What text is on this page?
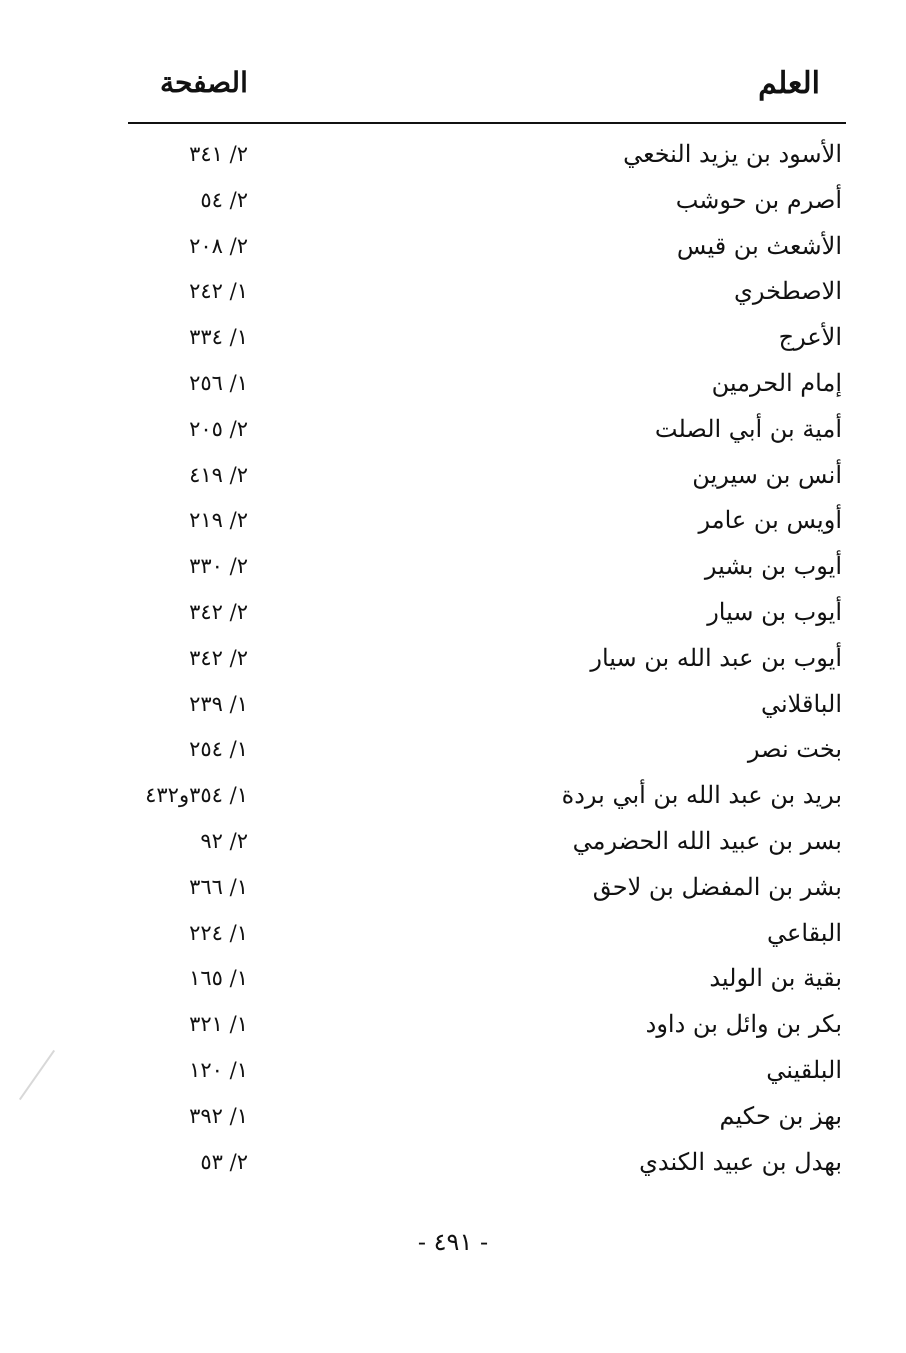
العلم
الصفحة
الأسود بن يزيد النخعي
٢/ ٣٤١
أصرم بن حوشب
٢/ ٥٤
الأشعث بن قيس
٢/ ٢٠٨
الاصطخري
١/ ٢٤٢
الأعرج
١/ ٣٣٤
إمام الحرمين
١/ ٢٥٦
أمية بن أبي الصلت
٢/ ٢٠٥
أنس بن سيرين
٢/ ٤١٩
أويس بن عامر
٢/ ٢١٩
أيوب بن بشير
٢/ ٣٣٠
أيوب بن سيار
٢/ ٣٤٢
أيوب بن عبد الله بن سيار
٢/ ٣٤٢
الباقلاني
١/ ٢٣٩
بخت نصر
١/ ٢٥٤
بريد بن عبد الله بن أبي بردة
١/ ٣٥٤و٤٣٢
بسر بن عبيد الله الحضرمي
٢/ ٩٢
بشر بن المفضل بن لاحق
١/ ٣٦٦
البقاعي
١/ ٢٢٤
بقية بن الوليد
١/ ١٦٥
بكر بن وائل بن داود
١/ ٣٢١
البلقيني
١/ ١٢٠
بهز بن حكيم
١/ ٣٩٢
بهدل بن عبيد الكندي
٢/ ٥٣
- ٤٩١ -
